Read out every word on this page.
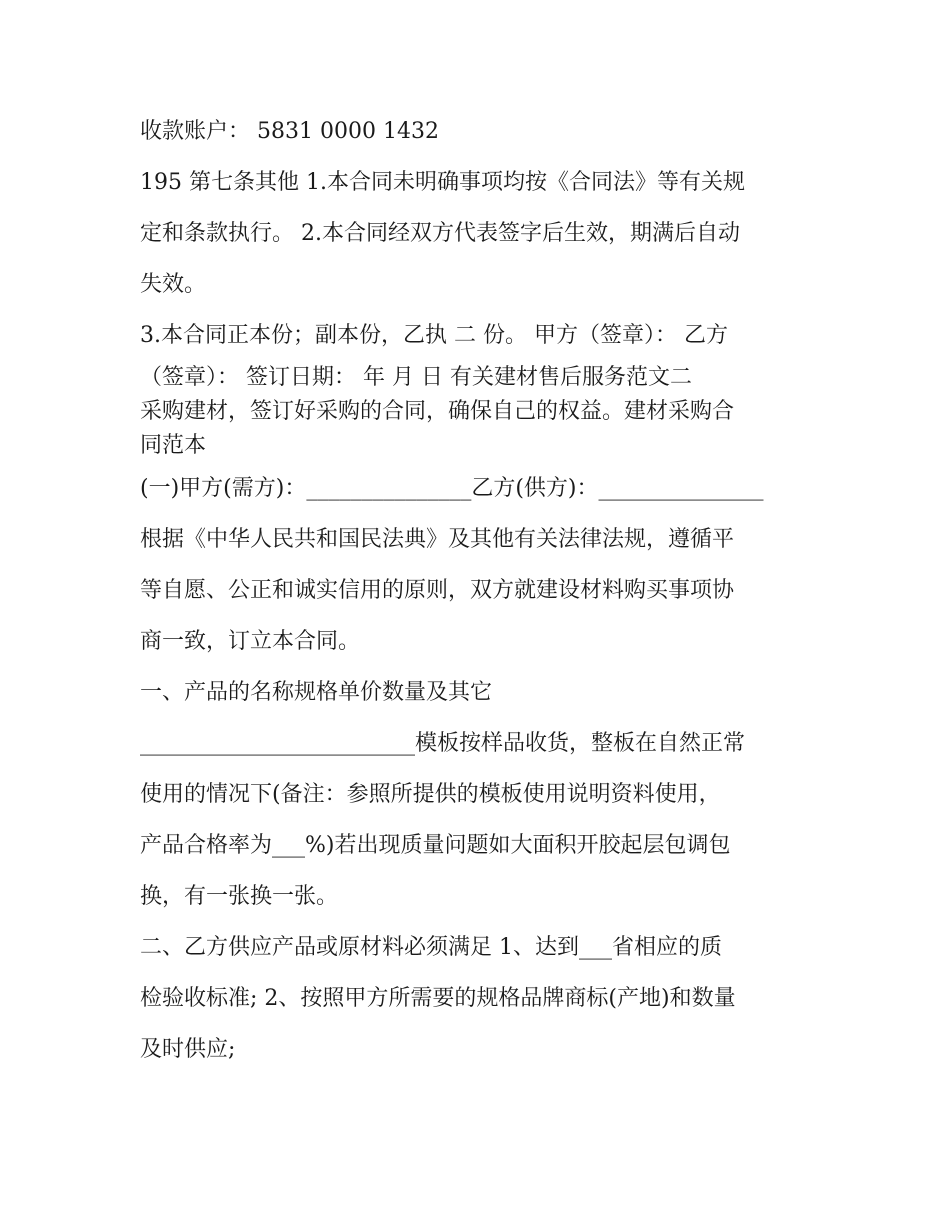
收款账户： 5831 0000 1432
195 第七条其他 1.本合同未明确事项均按《合同法》等有关规
定和条款执行。 2.本合同经双方代表签字后生效，期满后自动
失效。
3.本合同正本份；副本份，乙执 二 份。 甲方（签章）： 乙方
（签章）： 签订日期： 年 月 日 有关建材售后服务范文二
采购建材，签订好采购的合同，确保自己的权益。建材采购合
同范本
(一)甲方(需方)：_______________乙方(供方)：_______________
根据《中华人民共和国民法典》及其他有关法律法规，遵循平
等自愿、公正和诚实信用的原则，双方就建设材料购买事项协
商一致，订立本合同。
一、产品的名称规格单价数量及其它
_________________________模板按样品收货，整板在自然正常
使用的情况下(备注：参照所提供的模板使用说明资料使用，
产品合格率为___%)若出现质量问题如大面积开胶起层包调包
换，有一张换一张。
二、乙方供应产品或原材料必须满足 1、达到___省相应的质
检验收标准; 2、按照甲方所需要的规格品牌商标(产地)和数量
及时供应;
